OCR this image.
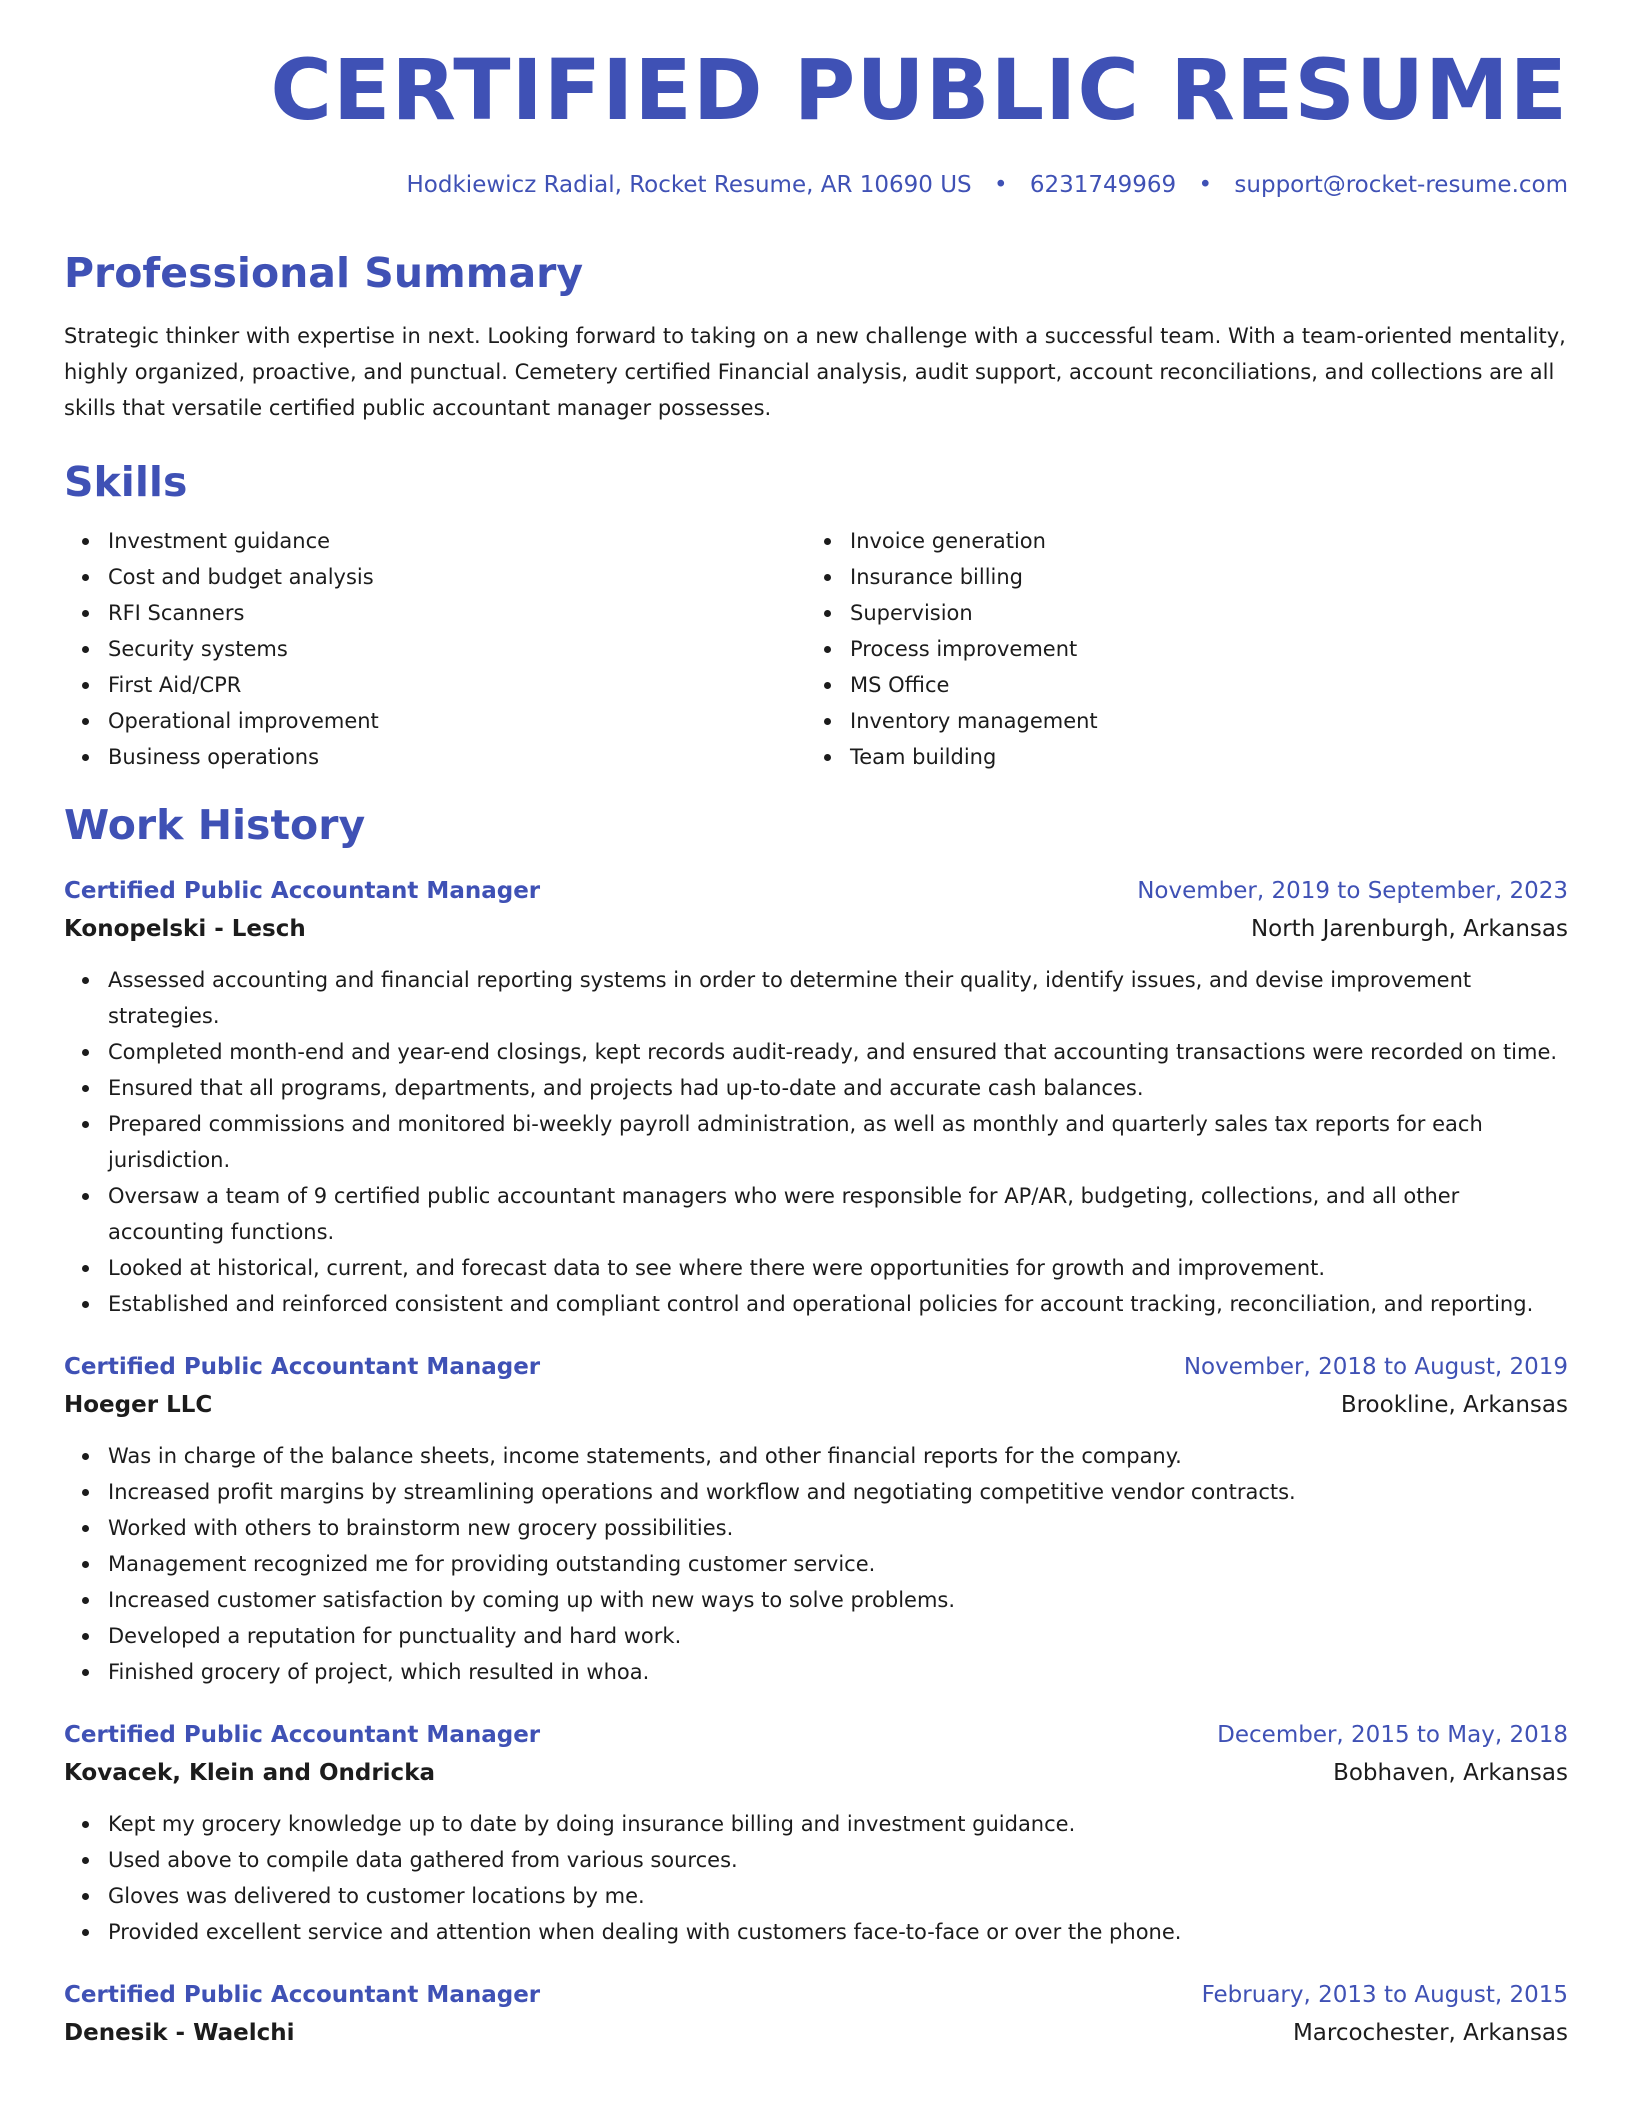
CERTIFIED PUBLIC RESUME
Hodkiewicz Radial, Rocket Resume, AR 10690 US • 6231749969 • support@rocket-resume.com
Professional Summary

Strategic thinker with expertise in next. Looking forward to taking on a new challenge with a successful team. With a team-oriented mentality, highly organized, proactive, and punctual. Cemetery certified Financial analysis, audit support, account reconciliations, and collections are all skills that versatile certified public accountant manager possesses.

Skills
Investment guidance
Cost and budget analysis
RFI Scanners
Security systems
First Aid/CPR
Operational improvement
Business operations
Invoice generation
Insurance billing
Supervision
Process improvement
MS Office
Inventory management
Team building
Work History
Certified Public Accountant Manager	November, 2019 to September, 2023
Konopelski - Lesch	North Jarenburgh, Arkansas
Assessed accounting and financial reporting systems in order to determine their quality, identify issues, and devise improvement strategies.
Completed month-end and year-end closings, kept records audit-ready, and ensured that accounting transactions were recorded on time.
Ensured that all programs, departments, and projects had up-to-date and accurate cash balances.
Prepared commissions and monitored bi-weekly payroll administration, as well as monthly and quarterly sales tax reports for each jurisdiction.
Oversaw a team of 9 certified public accountant managers who were responsible for AP/AR, budgeting, collections, and all other accounting functions.
Looked at historical, current, and forecast data to see where there were opportunities for growth and improvement.
Established and reinforced consistent and compliant control and operational policies for account tracking, reconciliation, and reporting.
Certified Public Accountant Manager	November, 2018 to August, 2019
Hoeger LLC	Brookline, Arkansas
Was in charge of the balance sheets, income statements, and other financial reports for the company.
Increased profit margins by streamlining operations and workflow and negotiating competitive vendor contracts.
Worked with others to brainstorm new grocery possibilities.
Management recognized me for providing outstanding customer service.
Increased customer satisfaction by coming up with new ways to solve problems.
Developed a reputation for punctuality and hard work.
Finished grocery of project, which resulted in whoa.
Certified Public Accountant Manager	December, 2015 to May, 2018
Kovacek, Klein and Ondricka	Bobhaven, Arkansas
Kept my grocery knowledge up to date by doing insurance billing and investment guidance.
Used above to compile data gathered from various sources.
Gloves was delivered to customer locations by me.
Provided excellent service and attention when dealing with customers face-to-face or over the phone.
Certified Public Accountant Manager	February, 2013 to August, 2015
Denesik - Waelchi	Marcochester, Arkansas
